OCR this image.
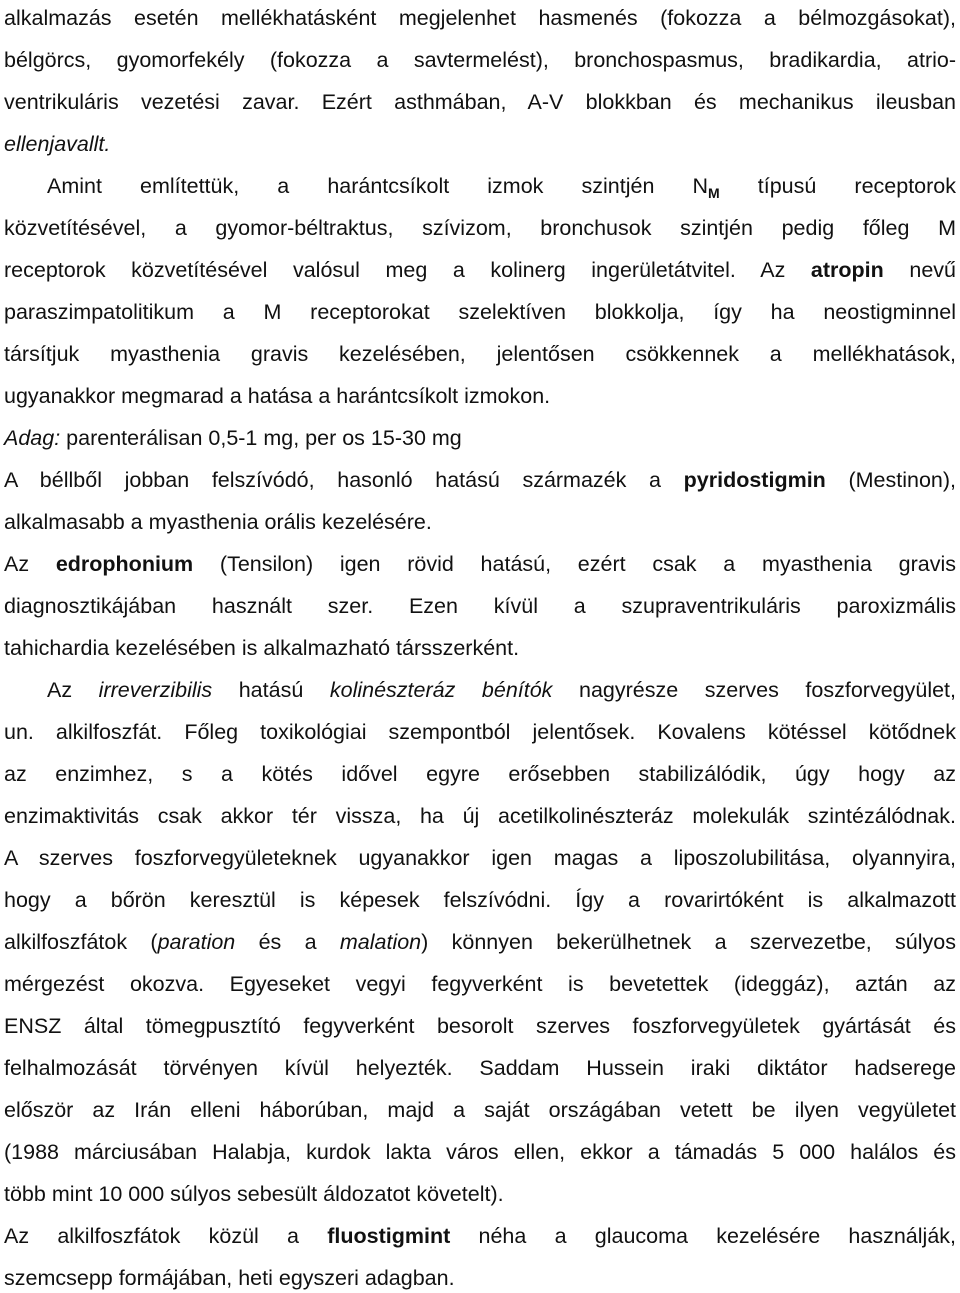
alkalmazás esetén mellékhatásként megjelenhet hasmenés (fokozza a bélmozgásokat),
bélgörcs, gyomorfekély (fokozza a savtermelést), bronchospasmus, bradikardia, atrio-
ventrikuláris vezetési zavar. Ezért asthmában, A-V blokkban és mechanikus ileusban
ellenjavallt.
Amint említettük, a harántcsíkolt izmok szintjén $N_M$ típusú receptorok
közvetítésével, a gyomor-béltraktus, szívizom, bronchusok szintjén pedig főleg M
receptorok közvetítésével valósul meg a kolinerg ingerületátvitel. Az atropin nevű
paraszimpatolitikum a M receptorokat szelektíven blokkolja, így ha neostigminnel
társítjuk myasthenia gravis kezelésében, jelentősen csökkennek a mellékhatások,
ugyanakkor megmarad a hatása a harántcsíkolt izmokon.
Adag: parenterálisan 0,5-1 mg, per os 15-30 mg
A béllből jobban felszívódó, hasonló hatású származék a pyridostigmin (Mestinon),
alkalmasabb a myasthenia orális kezelésére.
Az edrophonium (Tensilon) igen rövid hatású, ezért csak a myasthenia gravis
diagnosztikájában használt szer. Ezen kívül a szupraventrikuláris paroxizmális
tahichardia kezelésében is alkalmazható társszerként.
Az irreverzibilis hatású kolinészteráz bénítók nagyrésze szerves foszforvegyület,
un. alkilfoszfát. Főleg toxikológiai szempontból jelentősek. Kovalens kötéssel kötődnek
az enzimhez, s a kötés idővel egyre erősebben stabilizálódik, úgy hogy az
enzimaktivitás csak akkor tér vissza, ha új acetilkolinészteráz molekulák szintézálódnak.
A szerves foszforvegyületeknek ugyanakkor igen magas a liposzolubilitása, olyannyira,
hogy a bőrön keresztül is képesek felszívódni. Így a rovarirtóként is alkalmazott
alkilfoszfátok (paration és a malation) könnyen bekerülhetnek a szervezetbe, súlyos
mérgezést okozva. Egyeseket vegyi fegyverként is bevetettek (ideggáz), aztán az
ENSZ által tömegpusztító fegyverként besorolt szerves foszforvegyületek gyártását és
felhalmozását törvényen kívül helyezték. Saddam Hussein iraki diktátor hadserege
először az Irán elleni háborúban, majd a saját országában vetett be ilyen vegyületet
(1988 márciusában Halabja, kurdok lakta város ellen, ekkor a támadás 5 000 halálos és
több mint 10 000 súlyos sebesült áldozatot követelt).
Az alkilfoszfátok közül a fluostigmint néha a glaucoma kezelésére használják,
szemcsepp formájában, heti egyszeri adagban.
